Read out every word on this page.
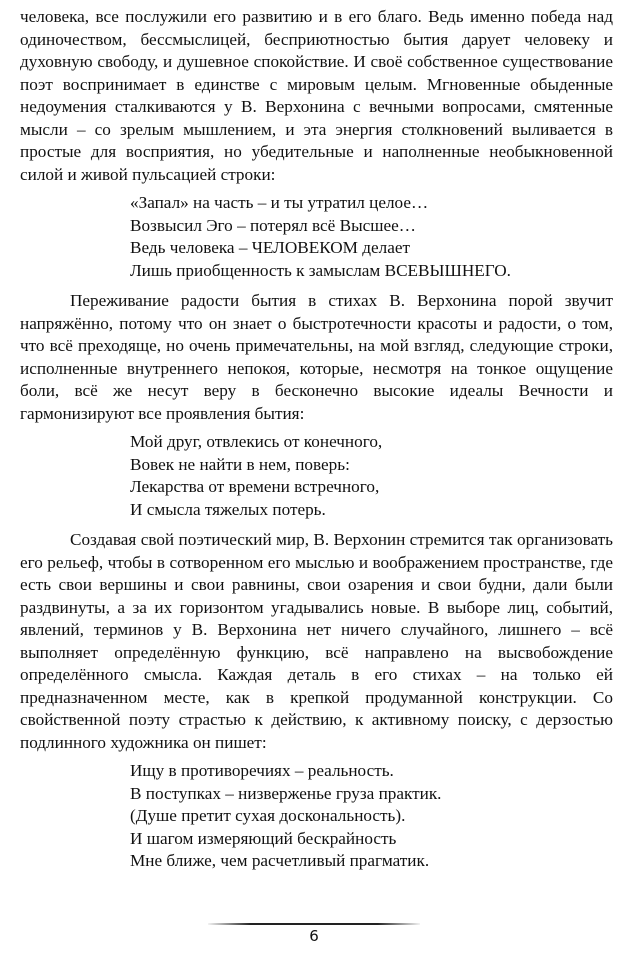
человека, все послужили его развитию и в его благо. Ведь именно победа над одиночеством, бессмыслицей, бесприютностью бытия дарует человеку и духовную свободу, и душевное спокойствие. И своё собственное существование поэт воспринимает в единстве с мировым целым. Мгновенные обыденные недоумения сталкиваются у В. Верхонина с вечными вопросами, смятенные мысли – со зрелым мышлением, и эта энергия столкновений выливается в простые для восприятия, но убедительные и наполненные необыкновенной силой и живой пульсацией строки:

«Запал» на часть – и ты утратил целое…
Возвысил Эго – потерял всё Высшее…
Ведь человека – ЧЕЛОВЕКОМ делает
Лишь приобщенность к замыслам ВСЕВЫШНЕГО.

Переживание радости бытия в стихах В. Верхонина порой звучит напряжённо, потому что он знает о быстротечности красоты и радости, о том, что всё преходяще, но очень примечательны, на мой взгляд, следующие строки, исполненные внутреннего непокоя, которые, несмотря на тонкое ощущение боли, всё же несут веру в бесконечно высокие идеалы Вечности и гармонизируют все проявления бытия:

Мой друг, отвлекись от конечного,
Вовек не найти в нем, поверь:
Лекарства от времени встречного,
И смысла тяжелых потерь.

Создавая свой поэтический мир, В. Верхонин стремится так организовать его рельеф, чтобы в сотворенном его мыслью и воображением пространстве, где есть свои вершины и свои равнины, свои озарения и свои будни, дали были раздвинуты, а за их горизонтом угадывались новые. В выборе лиц, событий, явлений, терминов у В. Верхонина нет ничего случайного, лишнего – всё выполняет определённую функцию, всё направлено на высвобождение определённого смысла. Каждая деталь в его стихах – на только ей предназначенном месте, как в крепкой продуманной конструкции. Со свойственной поэту страстью к действию, к активному поиску, с дерзостью подлинного художника он пишет:

Ищу в противоречиях – реальность.
В поступках – низверженье груза практик.
(Душе претит сухая доскональность).
И шагом измеряющий бескрайность
Мне ближе, чем расчетливый прагматик.
6
